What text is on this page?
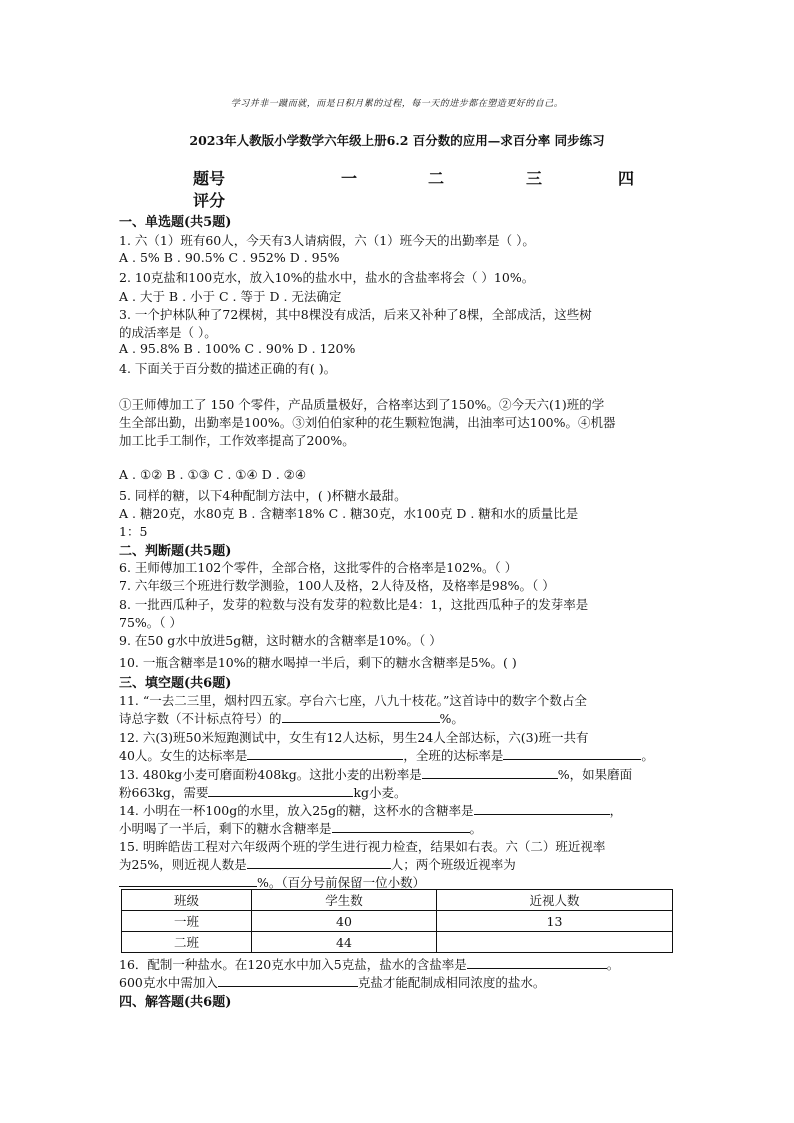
学习并非一蹴而就，而是日积月累的过程，每一天的进步都在塑造更好的自己。
2023年人教版小学数学六年级上册6.2 百分数的应用—求百分率 同步练习
题号	一	二	三	四
评分
一、单选题(共5题)
1. 六（1）班有60人，今天有3人请病假，六（1）班今天的出勤率是（ ）。
A . 5% B . 90.5% C . 952% D . 95%
2. 10克盐和100克水，放入10%的盐水中，盐水的含盐率将会（ ）10%。
A . 大于 B . 小于 C . 等于 D . 无法确定
3. 一个护林队种了72棵树，其中8棵没有成活，后来又补种了8棵，全部成活，这些树
的成活率是（ ）。
A . 95.8% B . 100% C . 90% D . 120%
4. 下面关于百分数的描述正确的有( )。
①王师傅加工了 150 个零件，产品质量极好，合格率达到了150%。②今天六(1)班的学
生全部出勤，出勤率是100%。③刘伯伯家种的花生颗粒饱满，出油率可达100%。④机器
加工比手工制作，工作效率提高了200%。
A . ①② B . ①③ C . ①④ D . ②④
5. 同样的糖，以下4种配制方法中，( )杯糖水最甜。
A . 糖20克，水80克 B . 含糖率18% C . 糖30克，水100克 D . 糖和水的质量比是
1：5
二、判断题(共5题)
6. 王师傅加工102个零件，全部合格，这批零件的合格率是102%。（ ）
7. 六年级三个班进行数学测验，100人及格，2人待及格，及格率是98%。（ ）
8. 一批西瓜种子，发芽的粒数与没有发芽的粒数比是4：1，这批西瓜种子的发芽率是
75%。（ ）
9. 在50 g水中放进5g糖，这时糖水的含糖率是10%。（ ）
10. 一瓶含糖率是10%的糖水喝掉一半后，剩下的糖水含糖率是5%。( )
三、填空题(共6题)
11. “一去二三里，烟村四五家。亭台六七座，八九十枝花。”这首诗中的数字个数占全
诗总字数（不计标点符号）的	%。
12. 六(3)班50米短跑测试中，女生有12人达标，男生24人全部达标，六(3)班一共有
40人。女生的达标率是	，全班的达标率是	。
13. 480kg小麦可磨面粉408kg。这批小麦的出粉率是	%，如果磨面
粉663kg，需要	kg小麦。
14. 小明在一杯100g的水里，放入25g的糖，这杯水的含糖率是	，
小明喝了一半后，剩下的糖水含糖率是	。
15. 明眸皓齿工程对六年级两个班的学生进行视力检查，结果如右表。六（二）班近视率
为25%，则近视人数是	人；两个班级近视率为
%。（百分号前保留一位小数）
班级	学生数	近视人数
一班	40	13
二班	44	
16．配制一种盐水。在120克水中加入5克盐，盐水的含盐率是	。
600克水中需加入	克盐才能配制成相同浓度的盐水。
四、解答题(共6题)
